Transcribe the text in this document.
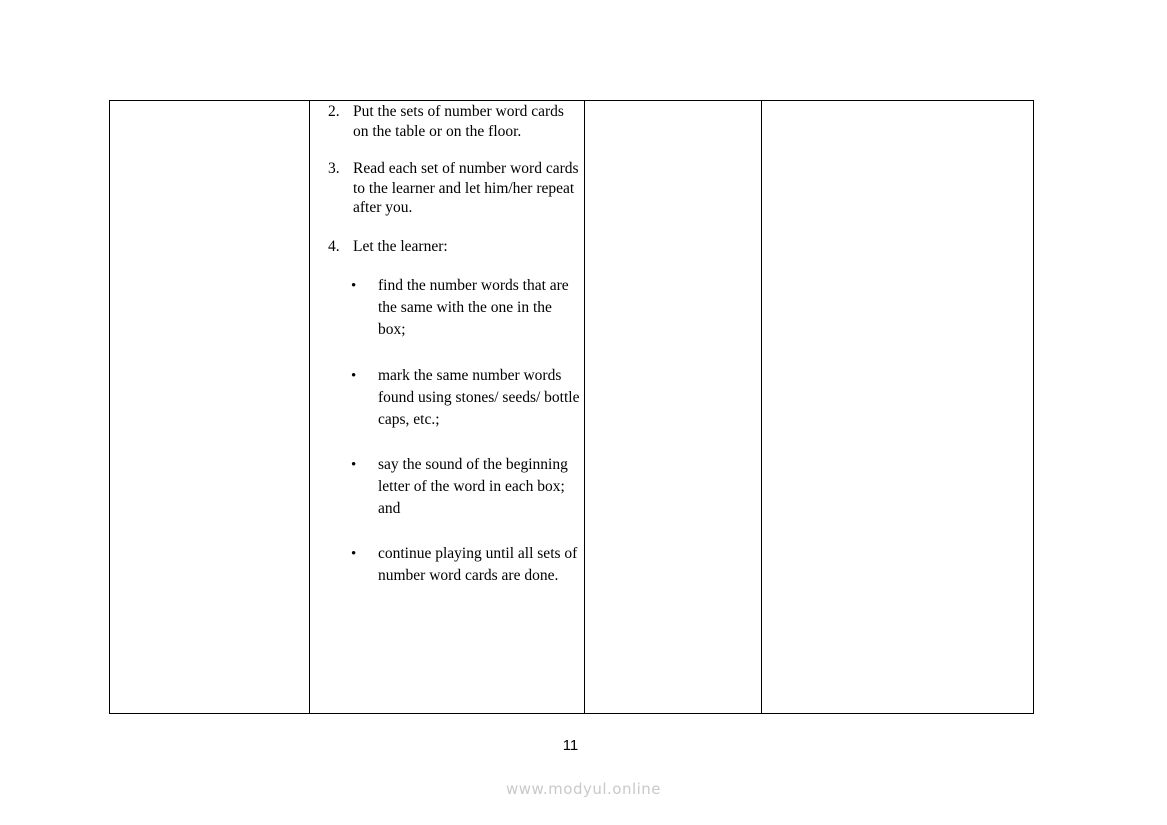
2. Put the sets of number word cards on the table or on the floor.
3. Read each set of number word cards to the learner and let him/her repeat after you.
4. Let the learner:
• find the number words that are the same with the one in the box;
• mark the same number words found using stones/ seeds/ bottle caps, etc.;
• say the sound of the beginning letter of the word in each box; and
• continue playing until all sets of number word cards are done.
11
www.modyul.online
